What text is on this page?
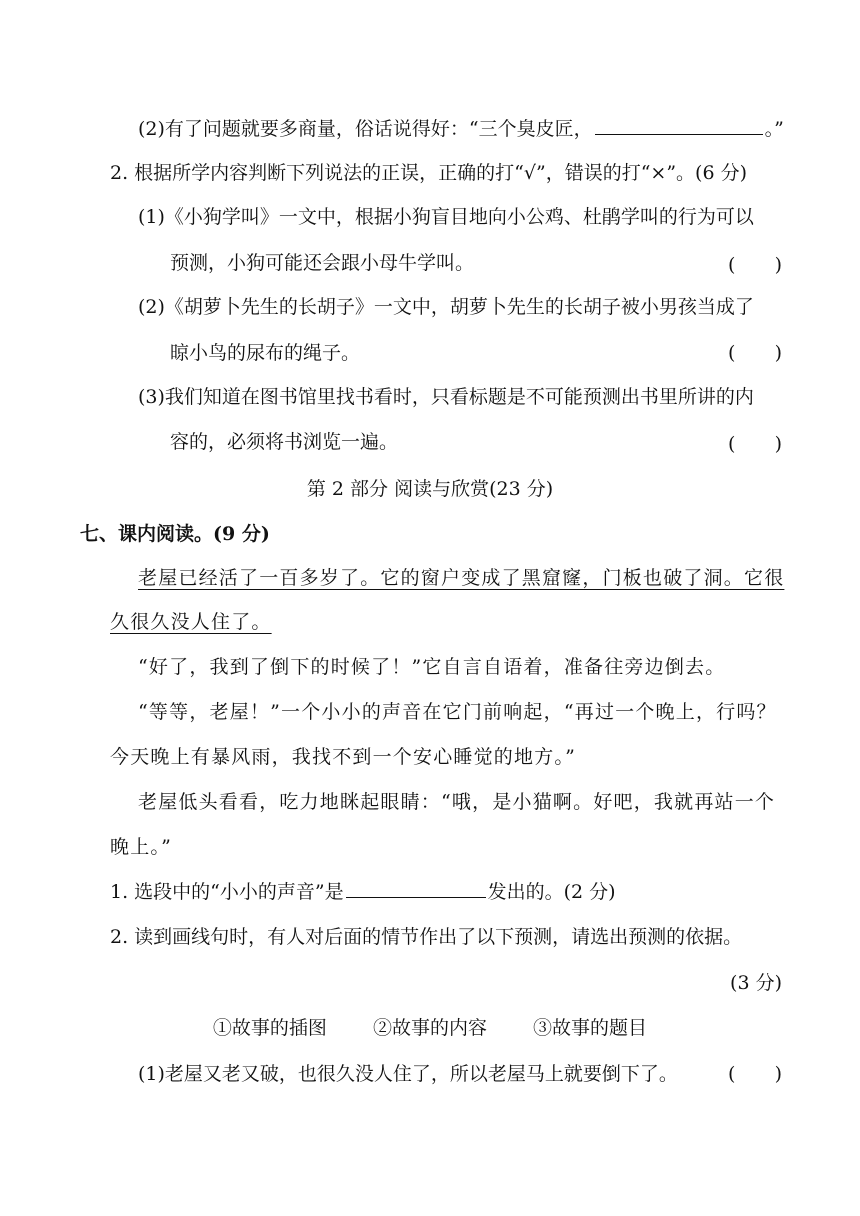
(2)有了问题就要多商量，俗话说得好：“三个臭皮匠，	。”
2. 根据所学内容判断下列说法的正误，正确的打“√”，错误的打“×”。(6 分)
(1)《小狗学叫》一文中，根据小狗盲目地向小公鸡、杜鹃学叫的行为可以
预测，小狗可能还会跟小母牛学叫。	( )
(2)《胡萝卜先生的长胡子》一文中，胡萝卜先生的长胡子被小男孩当成了
晾小鸟的尿布的绳子。	( )
(3)我们知道在图书馆里找书看时，只看标题是不可能预测出书里所讲的内
容的，必须将书浏览一遍。	( )
第 2 部分 阅读与欣赏(23 分)
七、课内阅读。(9 分)
老屋已经活了一百多岁了。它的窗户变成了黑窟窿，门板也破了洞。它很
久很久没人住了。
“好了，我到了倒下的时候了！”它自言自语着，准备往旁边倒去。
“等等，老屋！”一个小小的声音在它门前响起，“再过一个晚上，行吗？
今天晚上有暴风雨，我找不到一个安心睡觉的地方。”
老屋低头看看，吃力地眯起眼睛：“哦，是小猫啊。好吧，我就再站一个
晚上。”
1. 选段中的“小小的声音”是	发出的。(2 分)
2. 读到画线句时，有人对后面的情节作出了以下预测，请选出预测的依据。
(3 分)
①故事的插图 ②故事的内容 ③故事的题目
(1)老屋又老又破，也很久没人住了，所以老屋马上就要倒下了。	( )
